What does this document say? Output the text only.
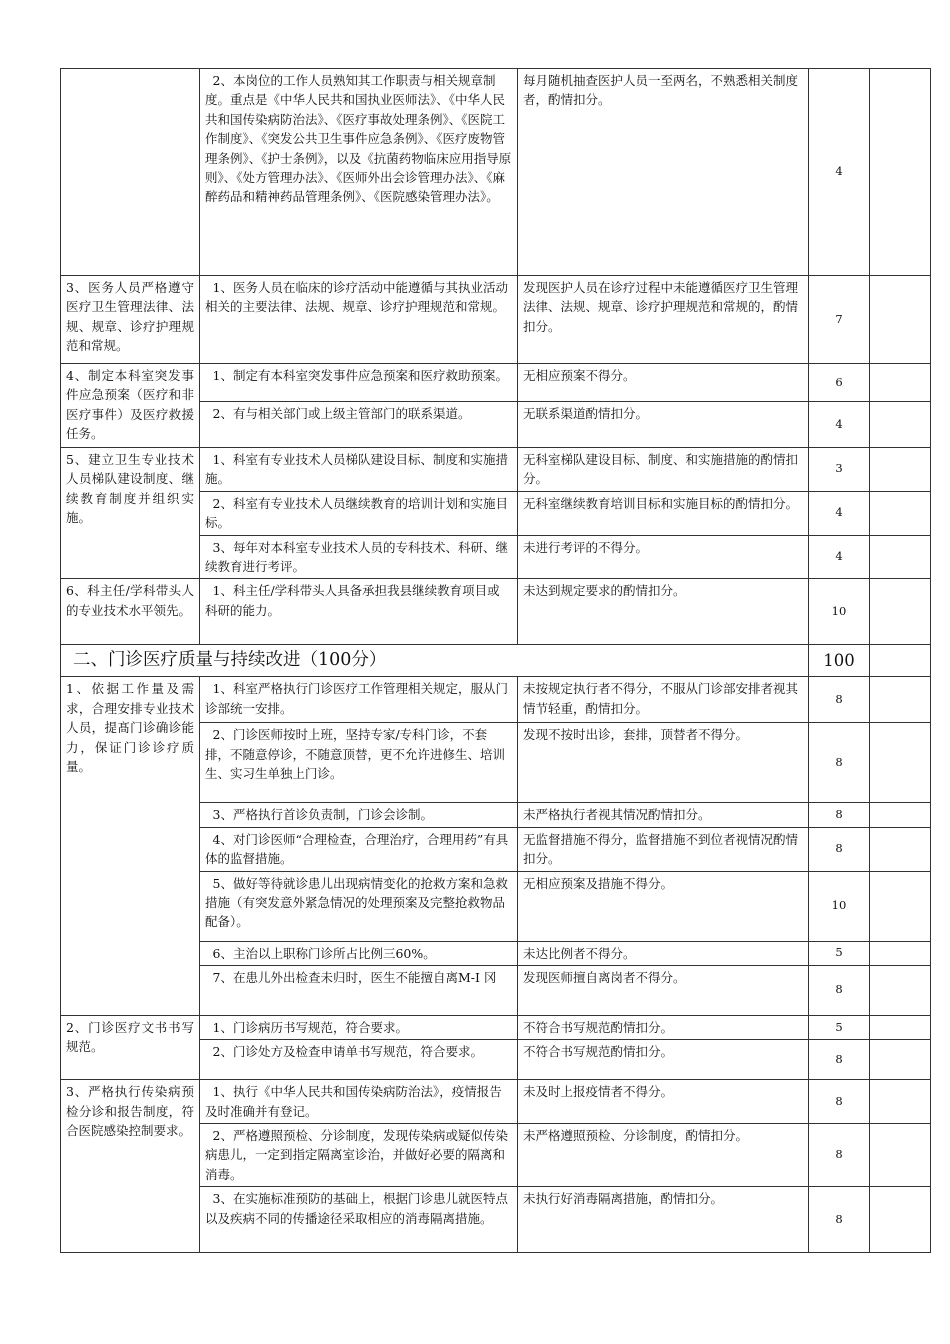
	2、本岗位的工作人员熟知其工作职责与相关规章制度。重点是《中华人民共和国执业医师法》、《中华人民共和国传染病防治法》、《医疗事故处理条例》、《医院工作制度》、《突发公共卫生事件应急条例》、《医疗废物管理条例》、《护士条例》，以及《抗菌药物临床应用指导原则》、《处方管理办法》、《医师外出会诊管理办法》、《麻醉药品和精神药品管理条例》、《医院感染管理办法》。	每月随机抽查医护人员一至两名，不熟悉相关制度者，酌情扣分。	4	
3、医务人员严格遵守医疗卫生管理法律、法规、规章、诊疗护理规范和常规。	1、医务人员在临床的诊疗活动中能遵循与其执业活动相关的主要法律、法规、规章、诊疗护理规范和常规。	发现医护人员在诊疗过程中未能遵循医疗卫生管理法律、法规、规章、诊疗护理规范和常规的，酌情扣分。	7	
4、制定本科室突发事件应急预案（医疗和非医疗事件）及医疗救援任务。	1、制定有本科室突发事件应急预案和医疗救助预案。	无相应预案不得分。	6	
	2、有与相关部门或上级主管部门的联系渠道。	无联系渠道酌情扣分。	4	
5、建立卫生专业技术人员梯队建设制度、继续教育制度并组织实施。	1、科室有专业技术人员梯队建设目标、制度和实施措施。	无科室梯队建设目标、制度、和实施措施的酌情扣分。	3	
	2、科室有专业技术人员继续教育的培训计划和实施目标。	无科室继续教育培训目标和实施目标的酌情扣分。	4	
	3、每年对本科室专业技术人员的专科技术、科研、继续教育进行考评。	未进行考评的不得分。	4	
6、科主任/学科带头人的专业技术水平领先。	1、科主任/学科带头人具备承担我县继续教育项目或科研的能力。	未达到规定要求的酌情扣分。	10	
二、门诊医疗质量与持续改进（100分）			100	
1、依据工作量及需求，合理安排专业技术人员，提髙门诊确诊能力，保证门诊诊疗质量。	1、科室严格执行门诊医疗工作管理相关规定，服从门诊部统一安排。	未按规定执行者不得分，不服从门诊部安排者视其情节轻重，酌情扣分。	8	
	2、门诊医师按时上班，坚持专家/专科门诊，不套排，不随意停诊，不随意顶替，更不允许进修生、培训生、实习生单独上门诊。	发现不按时出诊，套排，顶替者不得分。	8	
	3、严格执行首诊负责制，门诊会诊制。	未严格执行者视其情况酌情扣分。	8	
	4、对门诊医师“合理检查，合理治疗，合理用药”有具体的监督措施。	无监督措施不得分，监督措施不到位者视情况酌情扣分。	8	
	5、做好等待就诊患儿出现病情变化的抢救方案和急救措施（有突发意外紧急情况的处理预案及完整抢救物品配备）。	无相应预案及措施不得分。	10	
	6、主治以上职称门诊所占比例三60%。	未达比例者不得分。	5	
	7、在患儿外出检查未归时，医生不能擅自离M-I 冈	发现医师擅自离岗者不得分。	8	
2、门诊医疗文书书写规范。	1、门诊病历书写规范，符合要求。	不符合书写规范酌情扣分。	5	
	2、门诊处方及检查申请单书写规范，符合要求。	不符合书写规范酌情扣分。	8	
3、严格执行传染病预检分诊和报告制度，符合医院感染控制要求。	1、执行《中华人民共和国传染病防治法》，疫情报告及时准确并有登记。	未及时上报疫情者不得分。	8	
	2、严格遵照预检、分诊制度，发现传染病或疑似传染病患儿，一定到指定隔离室诊治，并做好必要的隔离和消毒。	未严格遵照预检、分诊制度，酌情扣分。	8	
	3、在实施标准预防的基础上，根据门诊患儿就医特点以及疾病不同的传播途径采取相应的消毒隔离措施。	未执行好消毒隔离措施，酌情扣分。	8	
